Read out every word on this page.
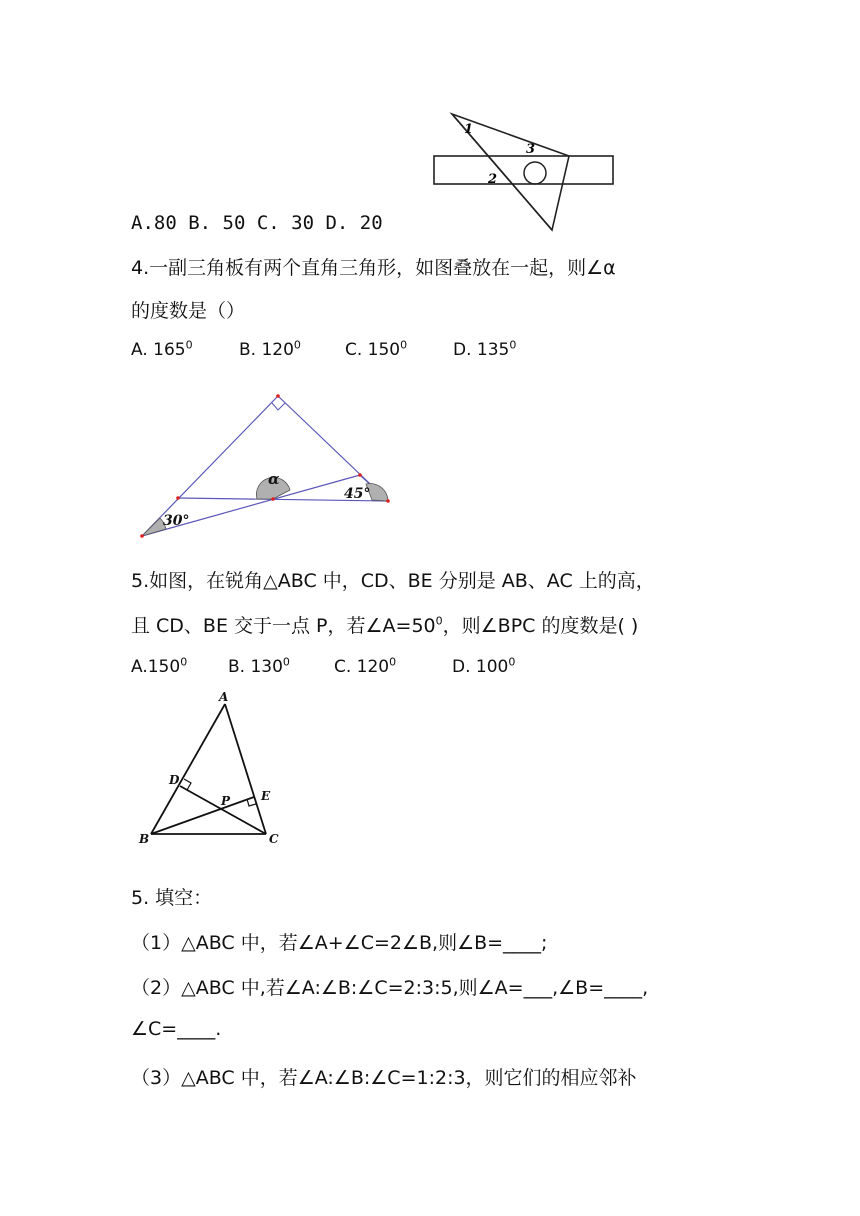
1
3
2
A.80 B. 50 C. 30 D. 20
4.一副三角板有两个直角三角形，如图叠放在一起，则∠α
的度数是（）
A. $165^0$	B. $120^0$	C. $150^0$	D. $135^0$
α
45°
30°
5.如图，在锐角△ABC 中，CD、BE 分别是 AB、AC 上的高，
且 CD、BE 交于一点 P，若$\angle A=50^0$，则∠BPC 的度数是( )
A.150$^0$ B. $130^0$	C. $120^0$	D. $100^0$
A
D
P	E
B	C
5. 填空：
（1）△ABC 中，若∠A+∠C=2∠B,则∠B=____;
（2）△ABC 中,若∠A:∠B:∠C=2:3:5,则∠A=___,∠B=____,
∠C=____.
（3）△ABC 中，若∠A:∠B:∠C=1:2:3，则它们的相应邻补
